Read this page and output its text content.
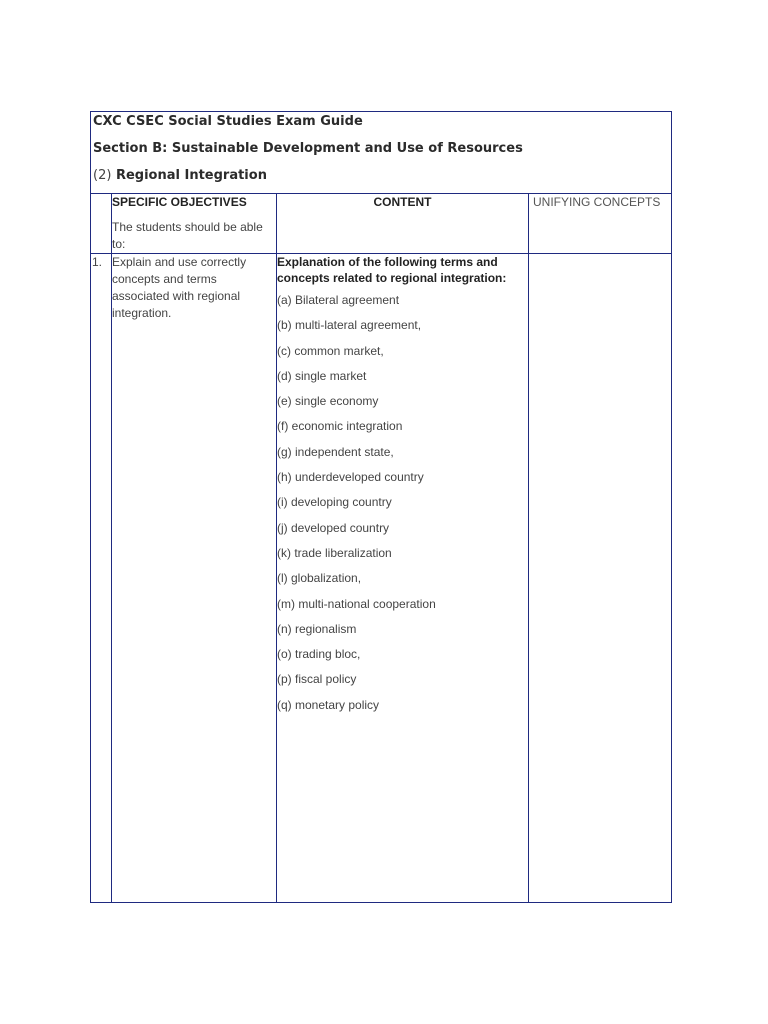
CXC CSEC Social Studies Exam Guide
Section B: Sustainable Development and Use of Resources
(2) Regional Integration
SPECIFIC OBJECTIVES	CONTENT	UNIFYING CONCEPTS
The students should be able to:
1. Explain and use correctly concepts and terms associated with regional integration.
Explanation of the following terms and concepts related to regional integration:
(a) Bilateral agreement
(b) multi-lateral agreement,
(c) common market,
(d) single market
(e) single economy
(f) economic integration
(g) independent state,
(h) underdeveloped country
(i) developing country
(j) developed country
(k) trade liberalization
(l) globalization,
(m) multi-national cooperation
(n) regionalism
(o) trading bloc,
(p) fiscal policy
(q) monetary policy
